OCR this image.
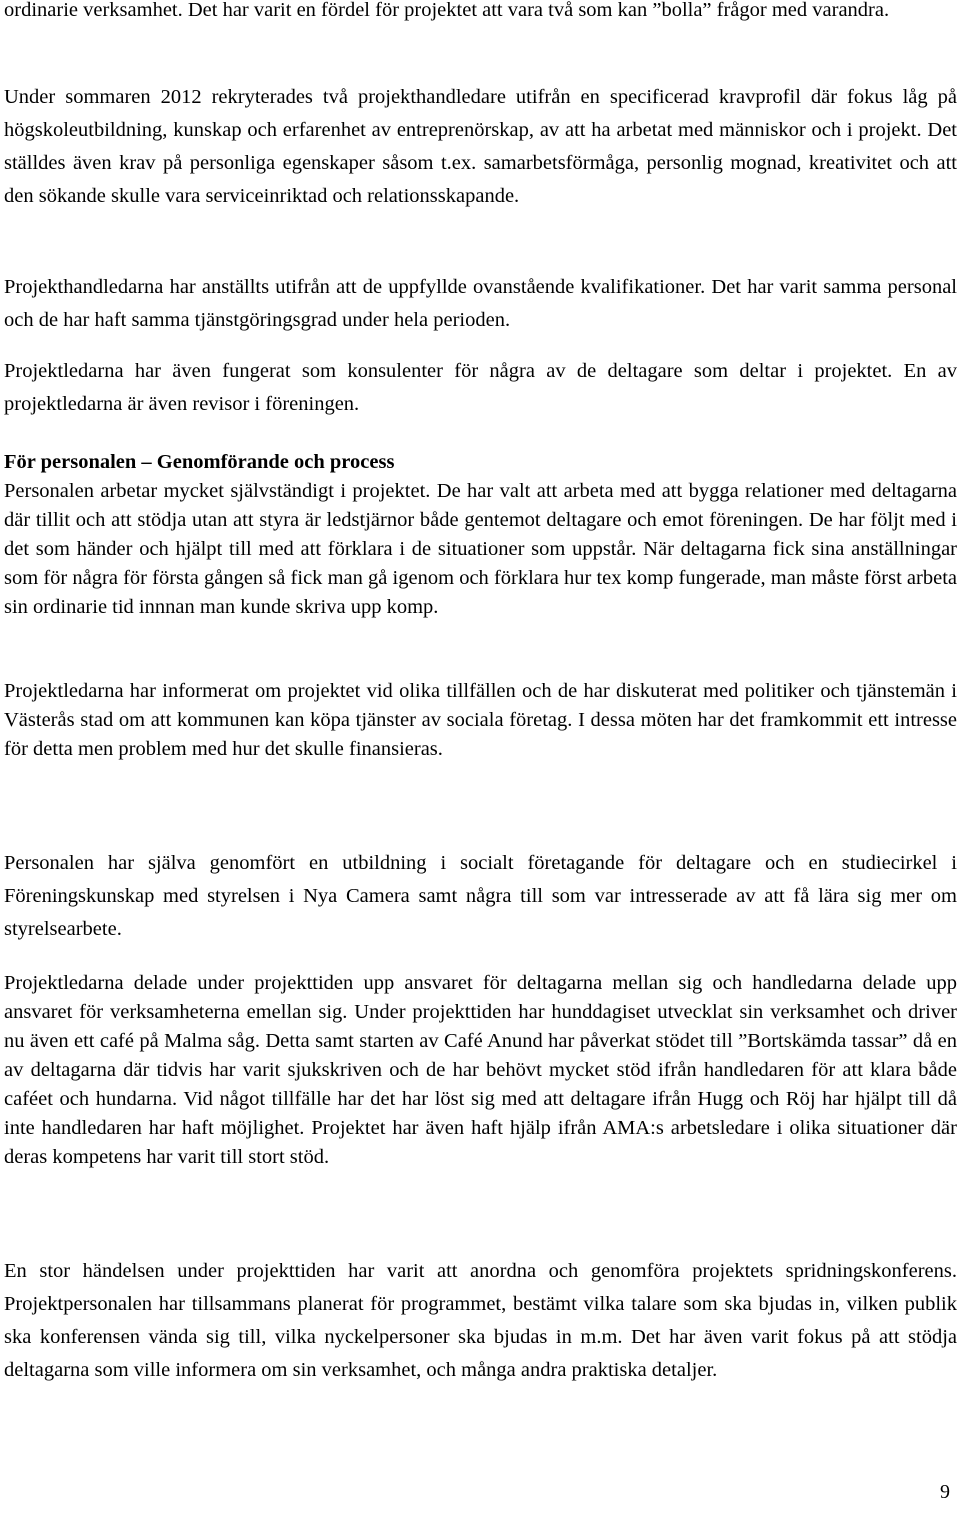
ordinarie verksamhet. Det har varit en fördel för projektet att vara två som kan ”bolla” frågor med varandra.

Under sommaren 2012 rekryterades två projekthandledare utifrån en specificerad kravprofil där fokus låg på högskoleutbildning, kunskap och erfarenhet av entreprenörskap, av att ha arbetat med människor och i projekt. Det ställdes även krav på personliga egenskaper såsom t.ex. samarbetsförmåga, personlig mognad, kreativitet och att den sökande skulle vara serviceinriktad och relationsskapande.

Projekthandledarna har anställts utifrån att de uppfyllde ovanstående kvalifikationer. Det har varit samma personal och de har haft samma tjänstgöringsgrad under hela perioden.

Projektledarna har även fungerat som konsulenter för några av de deltagare som deltar i projektet. En av projektledarna är även revisor i föreningen.

För personalen – Genomförande och process
Personalen arbetar mycket självständigt i projektet. De har valt att arbeta med att bygga relationer med deltagarna där tillit och att stödja utan att styra är ledstjärnor både gentemot deltagare och emot föreningen. De har följt med i det som händer och hjälpt till med att förklara i de situationer som uppstår. När deltagarna fick sina anställningar som för några för första gången så fick man gå igenom och förklara hur tex komp fungerade, man måste först arbeta sin ordinarie tid innnan man kunde skriva upp komp.

Projektledarna har informerat om projektet vid olika tillfällen och de har diskuterat med politiker och tjänstemän i Västerås stad om att kommunen kan köpa tjänster av sociala företag. I dessa möten har det framkommit ett intresse för detta men problem med hur det skulle finansieras.

Personalen har själva genomfört en utbildning i socialt företagande för deltagare och en studiecirkel i Föreningskunskap med styrelsen i Nya Camera samt några till som var intresserade av att få lära sig mer om styrelsearbete.

Projektledarna delade under projekttiden upp ansvaret för deltagarna mellan sig och handledarna delade upp ansvaret för verksamheterna emellan sig. Under projekttiden har hunddagiset utvecklat sin verksamhet och driver nu även ett café på Malma såg. Detta samt starten av Café Anund har påverkat stödet till ”Bortskämda tassar” då en av deltagarna där tidvis har varit sjukskriven och de har behövt mycket stöd ifrån handledaren för att klara både caféet och hundarna. Vid något tillfälle har det har löst sig med att deltagare ifrån Hugg och Röj har hjälpt till då inte handledaren har haft möjlighet. Projektet har även haft hjälp ifrån AMA:s arbetsledare i olika situationer där deras kompetens har varit till stort stöd.

En stor händelsen under projekttiden har varit att anordna och genomföra projektets spridningskonferens. Projektpersonalen har tillsammans planerat för programmet, bestämt vilka talare som ska bjudas in, vilken publik ska konferensen vända sig till, vilka nyckelpersoner ska bjudas in m.m. Det har även varit fokus på att stödja deltagarna som ville informera om sin verksamhet, och många andra praktiska detaljer.

9
